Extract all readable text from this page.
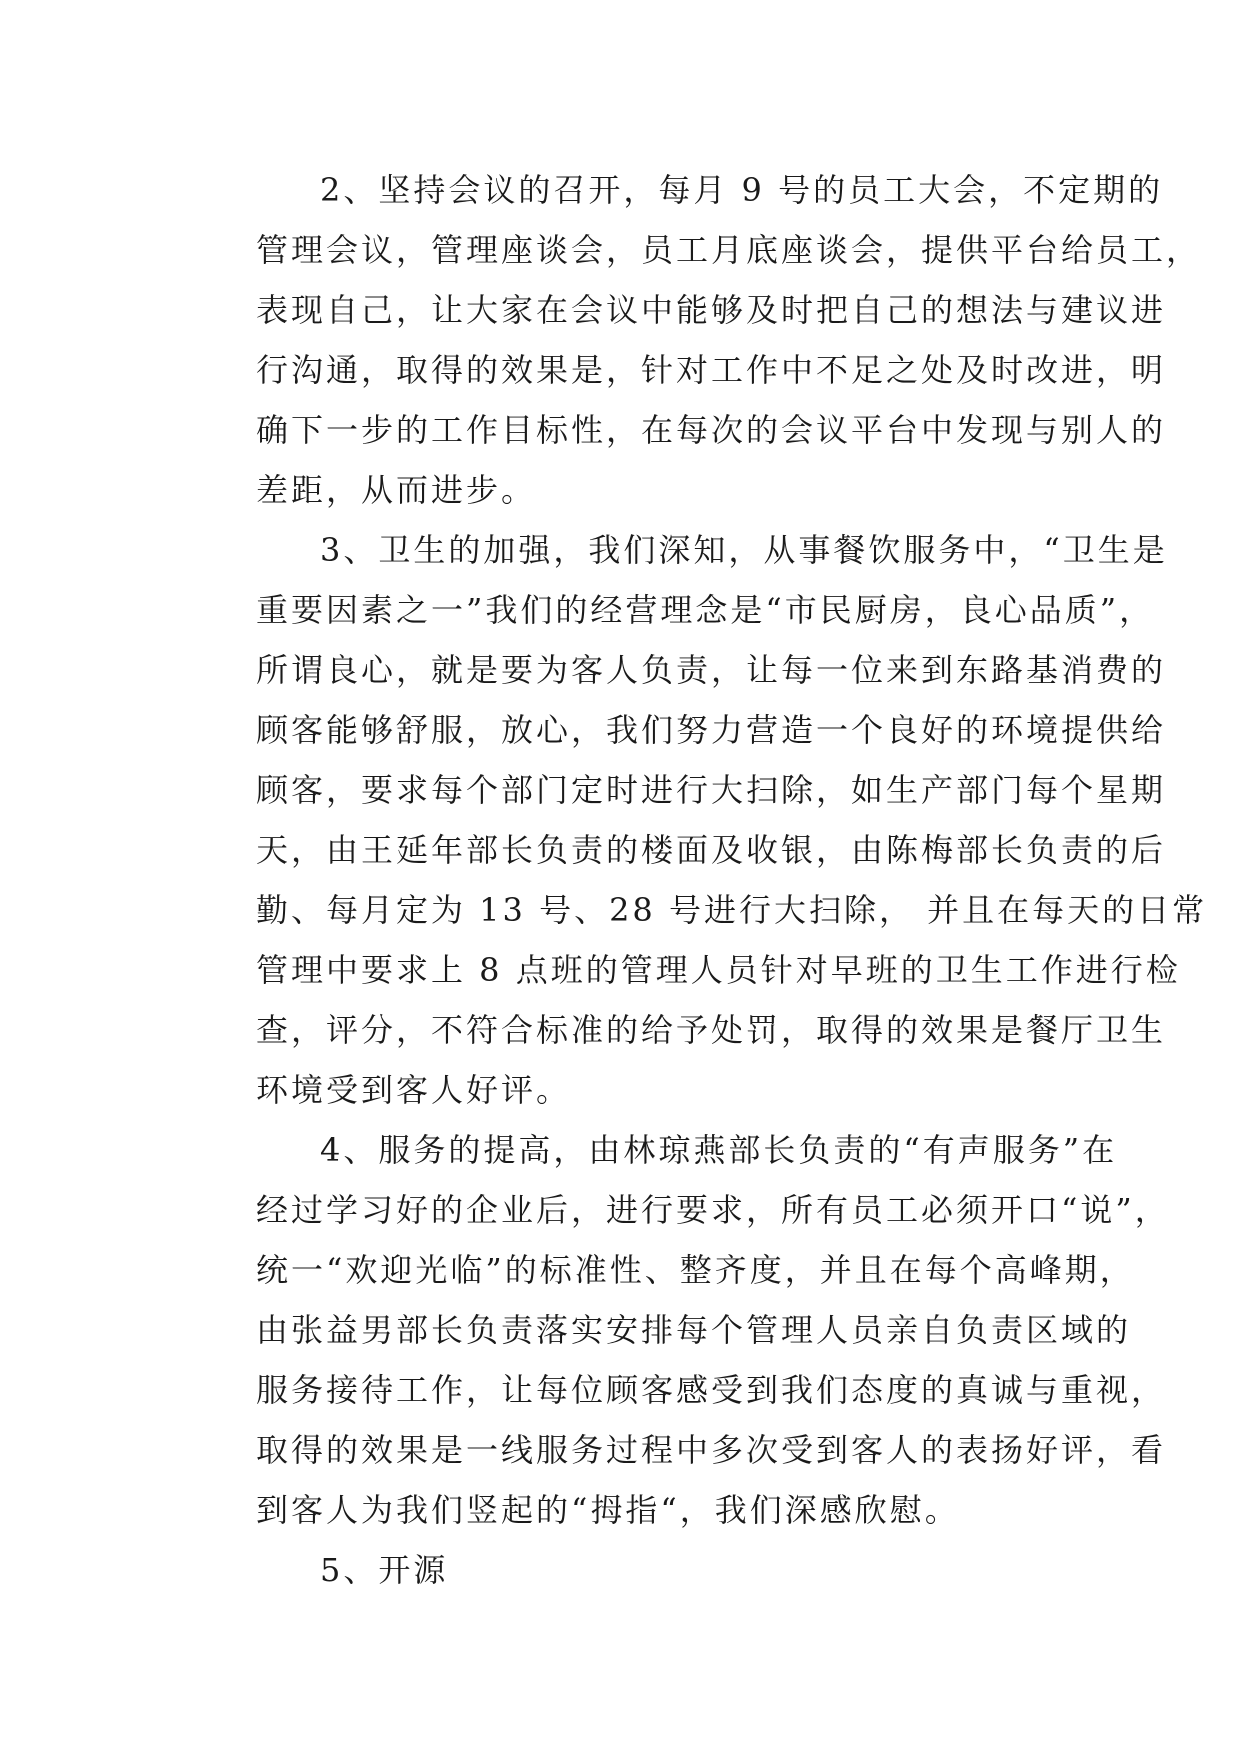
2、坚持会议的召开，每月 9 号的员工大会，不定期的
管理会议，管理座谈会，员工月底座谈会，提供平台给员工，
表现自己，让大家在会议中能够及时把自己的想法与建议进
行沟通，取得的效果是，针对工作中不足之处及时改进，明
确下一步的工作目标性，在每次的会议平台中发现与别人的
差距，从而进步。
3、卫生的加强，我们深知，从事餐饮服务中，“卫生是
重要因素之一”我们的经营理念是“市民厨房，良心品质”，
所谓良心，就是要为客人负责，让每一位来到东路基消费的
顾客能够舒服，放心，我们努力营造一个良好的环境提供给
顾客，要求每个部门定时进行大扫除，如生产部门每个星期
天，由王延年部长负责的楼面及收银，由陈梅部长负责的后
勤、每月定为 13 号、28 号进行大扫除， 并且在每天的日常
管理中要求上 8 点班的管理人员针对早班的卫生工作进行检
查，评分，不符合标准的给予处罚，取得的效果是餐厅卫生
环境受到客人好评。
4、服务的提高，由林琼燕部长负责的“有声服务”在
经过学习好的企业后，进行要求，所有员工必须开口“说”，
统一“欢迎光临”的标准性、整齐度，并且在每个高峰期，
由张益男部长负责落实安排每个管理人员亲自负责区域的
服务接待工作，让每位顾客感受到我们态度的真诚与重视，
取得的效果是一线服务过程中多次受到客人的表扬好评，看
到客人为我们竖起的“拇指“，我们深感欣慰。
5、开源
